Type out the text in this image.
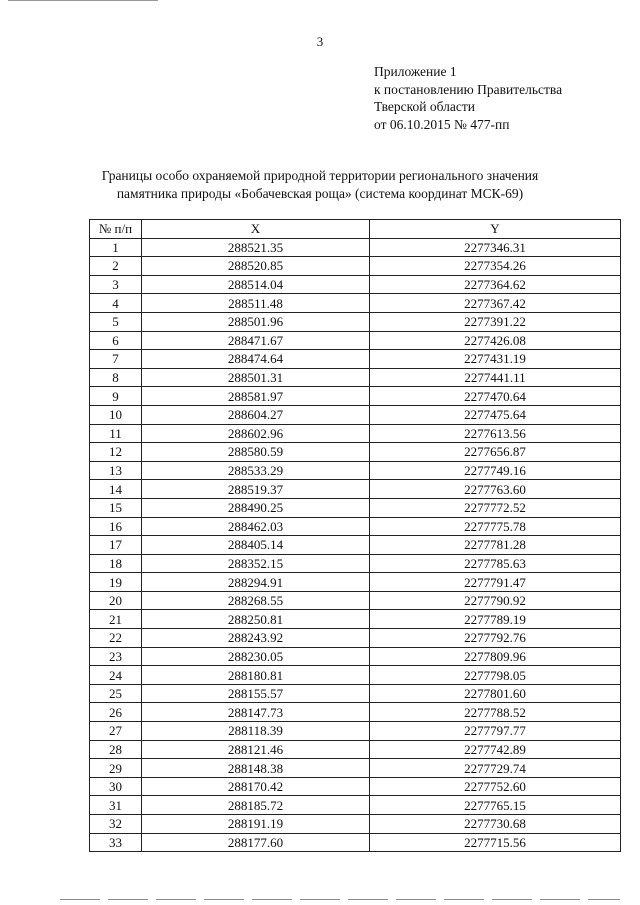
3
Приложение 1
к постановлению Правительства
Тверской области
от 06.10.2015 № 477-пп
Границы особо охраняемой природной территории регионального значения
памятника природы «Бобачевская роща» (система координат МСК-69)
№ п/п	X	Y
1	288521.35	2277346.31
2	288520.85	2277354.26
3	288514.04	2277364.62
4	288511.48	2277367.42
5	288501.96	2277391.22
6	288471.67	2277426.08
7	288474.64	2277431.19
8	288501.31	2277441.11
9	288581.97	2277470.64
10	288604.27	2277475.64
11	288602.96	2277613.56
12	288580.59	2277656.87
13	288533.29	2277749.16
14	288519.37	2277763.60
15	288490.25	2277772.52
16	288462.03	2277775.78
17	288405.14	2277781.28
18	288352.15	2277785.63
19	288294.91	2277791.47
20	288268.55	2277790.92
21	288250.81	2277789.19
22	288243.92	2277792.76
23	288230.05	2277809.96
24	288180.81	2277798.05
25	288155.57	2277801.60
26	288147.73	2277788.52
27	288118.39	2277797.77
28	288121.46	2277742.89
29	288148.38	2277729.74
30	288170.42	2277752.60
31	288185.72	2277765.15
32	288191.19	2277730.68
33	288177.60	2277715.56
